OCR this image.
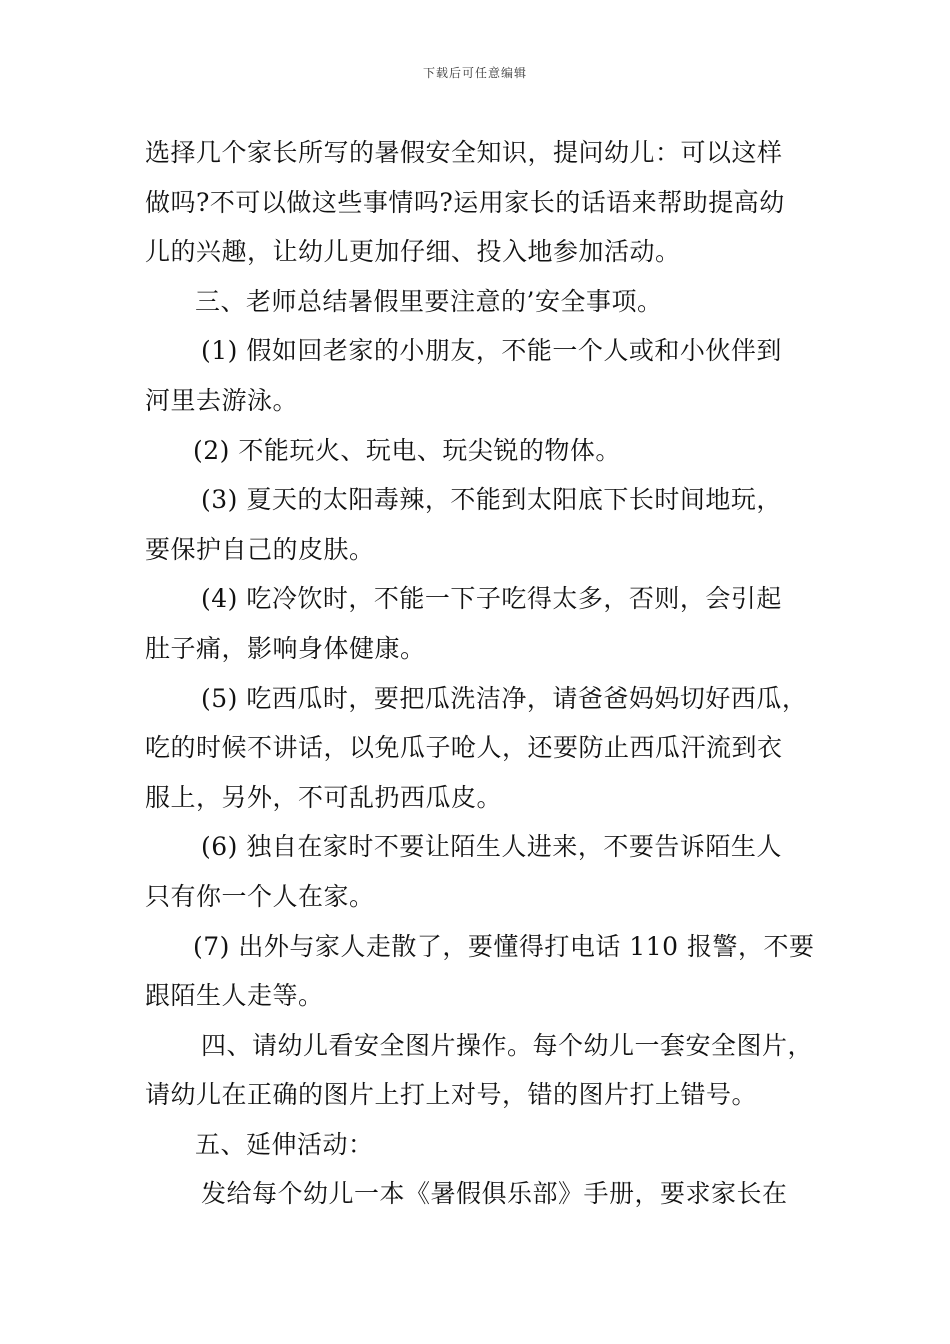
下载后可任意编辑
选择几个家长所写的暑假安全知识，提问幼儿：可以这样
做吗?不可以做这些事情吗?运用家长的话语来帮助提高幼
儿的兴趣，让幼儿更加仔细、投入地参加活动。
三、老师总结暑假里要注意的’安全事项。
(1) 假如回老家的小朋友，不能一个人或和小伙伴到
河里去游泳。
(2) 不能玩火、玩电、玩尖锐的物体。
(3) 夏天的太阳毒辣，不能到太阳底下长时间地玩，
要保护自己的皮肤。
(4) 吃冷饮时，不能一下子吃得太多，否则，会引起
肚子痛，影响身体健康。
(5) 吃西瓜时，要把瓜洗洁净，请爸爸妈妈切好西瓜，
吃的时候不讲话，以免瓜子呛人，还要防止西瓜汗流到衣
服上，另外，不可乱扔西瓜皮。
(6) 独自在家时不要让陌生人进来，不要告诉陌生人
只有你一个人在家。
(7) 出外与家人走散了，要懂得打电话 110 报警，不要
跟陌生人走等。
四、请幼儿看安全图片操作。每个幼儿一套安全图片，
请幼儿在正确的图片上打上对号，错的图片打上错号。
五、延伸活动：
发给每个幼儿一本《暑假俱乐部》手册，要求家长在
